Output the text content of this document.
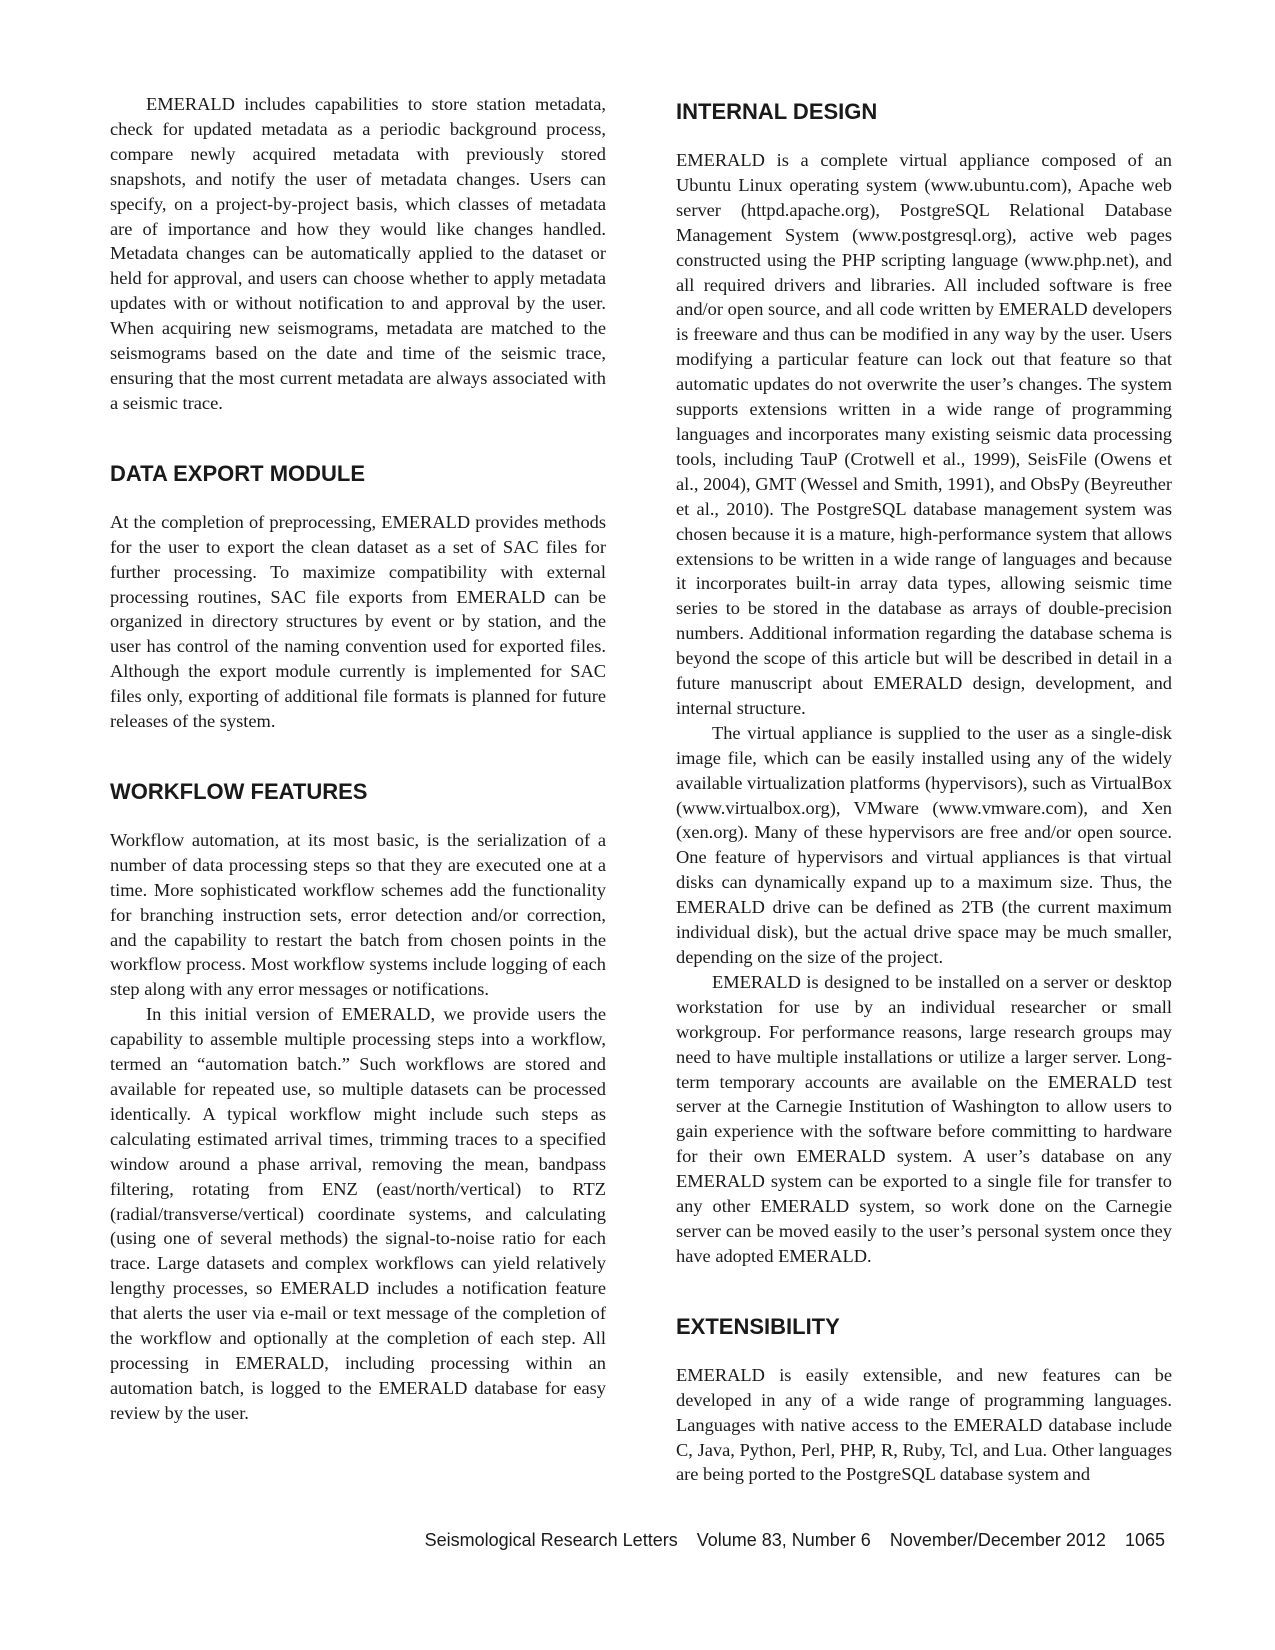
EMERALD includes capabilities to store station metadata, check for updated metadata as a periodic background process, compare newly acquired metadata with previously stored snapshots, and notify the user of metadata changes. Users can specify, on a project-by-project basis, which classes of metadata are of importance and how they would like changes handled. Metadata changes can be automatically applied to the dataset or held for approval, and users can choose whether to apply metadata updates with or without notification to and approval by the user. When acquiring new seismograms, metadata are matched to the seismograms based on the date and time of the seismic trace, ensuring that the most current metadata are always associated with a seismic trace.

DATA EXPORT MODULE

At the completion of preprocessing, EMERALD provides methods for the user to export the clean dataset as a set of SAC files for further processing. To maximize compatibility with external processing routines, SAC file exports from EMERALD can be organized in directory structures by event or by station, and the user has control of the naming convention used for exported files. Although the export module currently is implemented for SAC files only, exporting of additional file formats is planned for future releases of the system.

WORKFLOW FEATURES

Workflow automation, at its most basic, is the serialization of a number of data processing steps so that they are executed one at a time. More sophisticated workflow schemes add the functionality for branching instruction sets, error detection and/or correction, and the capability to restart the batch from chosen points in the workflow process. Most workflow systems include logging of each step along with any error messages or notifications.

In this initial version of EMERALD, we provide users the capability to assemble multiple processing steps into a workflow, termed an “automation batch.” Such workflows are stored and available for repeated use, so multiple datasets can be processed identically. A typical workflow might include such steps as calculating estimated arrival times, trimming traces to a specified window around a phase arrival, removing the mean, bandpass filtering, rotating from ENZ (east/north/vertical) to RTZ (radial/transverse/vertical) coordinate systems, and calculating (using one of several methods) the signal-to-noise ratio for each trace. Large datasets and complex workflows can yield relatively lengthy processes, so EMERALD includes a notification feature that alerts the user via e-mail or text message of the completion of the workflow and optionally at the completion of each step. All processing in EMERALD, including processing within an automation batch, is logged to the EMERALD database for easy review by the user.

INTERNAL DESIGN

EMERALD is a complete virtual appliance composed of an Ubuntu Linux operating system (www.ubuntu.com), Apache web server (httpd.apache.org), PostgreSQL Relational Database Management System (www.postgresql.org), active web pages constructed using the PHP scripting language (www.php.net), and all required drivers and libraries. All included software is free and/or open source, and all code written by EMERALD developers is freeware and thus can be modified in any way by the user. Users modifying a particular feature can lock out that feature so that automatic updates do not overwrite the user’s changes. The system supports extensions written in a wide range of programming languages and incorporates many existing seismic data processing tools, including TauP (Crotwell et al., 1999), SeisFile (Owens et al., 2004), GMT (Wessel and Smith, 1991), and ObsPy (Beyreuther et al., 2010). The PostgreSQL database management system was chosen because it is a mature, high-performance system that allows extensions to be written in a wide range of languages and because it incorporates built-in array data types, allowing seismic time series to be stored in the database as arrays of double-precision numbers. Additional information regarding the database schema is beyond the scope of this article but will be described in detail in a future manuscript about EMERALD design, development, and internal structure.

The virtual appliance is supplied to the user as a single-disk image file, which can be easily installed using any of the widely available virtualization platforms (hypervisors), such as VirtualBox (www.virtualbox.org), VMware (www.vmware.com), and Xen (xen.org). Many of these hypervisors are free and/or open source. One feature of hypervisors and virtual appliances is that virtual disks can dynamically expand up to a maximum size. Thus, the EMERALD drive can be defined as 2TB (the current maximum individual disk), but the actual drive space may be much smaller, depending on the size of the project.

EMERALD is designed to be installed on a server or desktop workstation for use by an individual researcher or small workgroup. For performance reasons, large research groups may need to have multiple installations or utilize a larger server. Long-term temporary accounts are available on the EMERALD test server at the Carnegie Institution of Washington to allow users to gain experience with the software before committing to hardware for their own EMERALD system. A user’s database on any EMERALD system can be exported to a single file for transfer to any other EMERALD system, so work done on the Carnegie server can be moved easily to the user’s personal system once they have adopted EMERALD.

EXTENSIBILITY

EMERALD is easily extensible, and new features can be developed in any of a wide range of programming languages. Languages with native access to the EMERALD database include C, Java, Python, Perl, PHP, R, Ruby, Tcl, and Lua. Other languages are being ported to the PostgreSQL database system and

Seismological Research Letters Volume 83, Number 6 November/December 2012 1065
